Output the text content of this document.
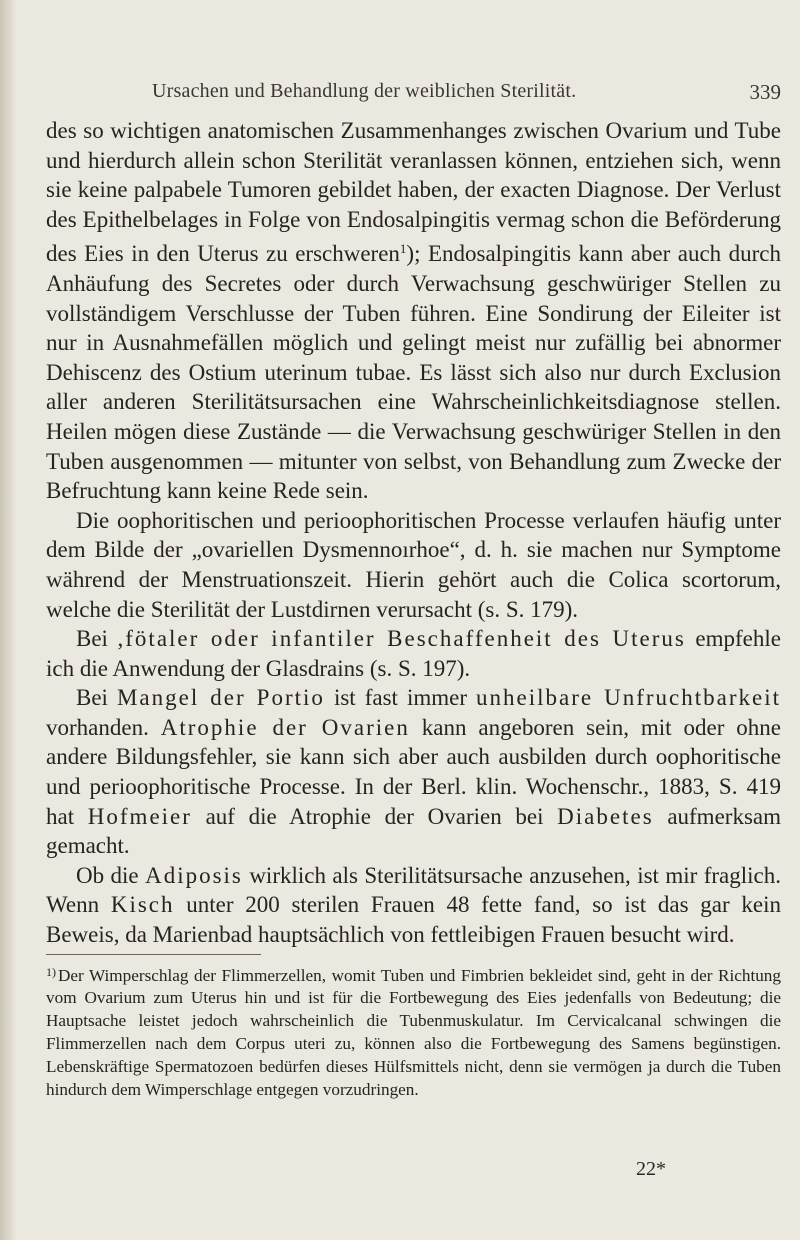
Ursachen und Behandlung der weiblichen Sterilität.	339

des so wichtigen anatomischen Zusammenhanges zwischen Ovarium und Tube und hierdurch allein schon Sterilität veranlassen können, entziehen sich, wenn sie keine palpabele Tumoren gebildet haben, der exacten Diagnose. Der Verlust des Epithelbelages in Folge von Endosalpingitis vermag schon die Beförderung des Eies in den Uterus zu erschweren$^1$); Endosalpingitis kann aber auch durch Anhäufung des Secretes oder durch Verwachsung geschwüriger Stellen zu vollständigem Verschlusse der Tuben führen. Eine Sondirung der Eileiter ist nur in Ausnahmefällen möglich und gelingt meist nur zufällig bei abnormer Dehiscenz des Ostium uterinum tubae. Es lässt sich also nur durch Exclusion aller anderen Sterilitätsursachen eine Wahrscheinlichkeitsdiagnose stellen. Heilen mögen diese Zustände — die Verwachsung geschwüriger Stellen in den Tuben ausgenommen — mitunter von selbst, von Behandlung zum Zwecke der Befruchtung kann keine Rede sein.

Die oophoritischen und perioophoritischen Processe verlaufen häufig unter dem Bilde der „ovariellen Dysmennoırhoe“, d. h. sie machen nur Symptome während der Menstruationszeit. Hierin gehört auch die Colica scortorum, welche die Sterilität der Lustdirnen verursacht (s. S. 179).

Bei ,fötaler oder infantiler Beschaffenheit des Uterus empfehle ich die Anwendung der Glasdrains (s. S. 197).

Bei Mangel der Portio ist fast immer unheilbare Unfruchtbarkeit vorhanden. Atrophie der Ovarien kann angeboren sein, mit oder ohne andere Bildungsfehler, sie kann sich aber auch ausbilden durch oophoritische und perioophoritische Processe. In der Berl. klin. Wochenschr., 1883, S. 419 hat Hofmeier auf die Atrophie der Ovarien bei Diabetes aufmerksam gemacht.

Ob die Adiposis wirklich als Sterilitätsursache anzusehen, ist mir fraglich. Wenn Kisch unter 200 sterilen Frauen 48 fette fand, so ist das gar kein Beweis, da Marienbad hauptsächlich von fettleibigen Frauen besucht wird.

$^{1)}$ Der Wimperschlag der Flimmerzellen, womit Tuben und Fimbrien bekleidet sind, geht in der Richtung vom Ovarium zum Uterus hin und ist für die Fortbewegung des Eies jedenfalls von Bedeutung; die Hauptsache leistet jedoch wahrscheinlich die Tubenmuskulatur. Im Cervicalcanal schwingen die Flimmerzellen nach dem Corpus uteri zu, können also die Fortbewegung des Samens begünstigen. Lebenskräftige Spermatozoen bedürfen dieses Hülfsmittels nicht, denn sie vermögen ja durch die Tuben hindurch dem Wimperschlage entgegen vorzudringen.

22*
